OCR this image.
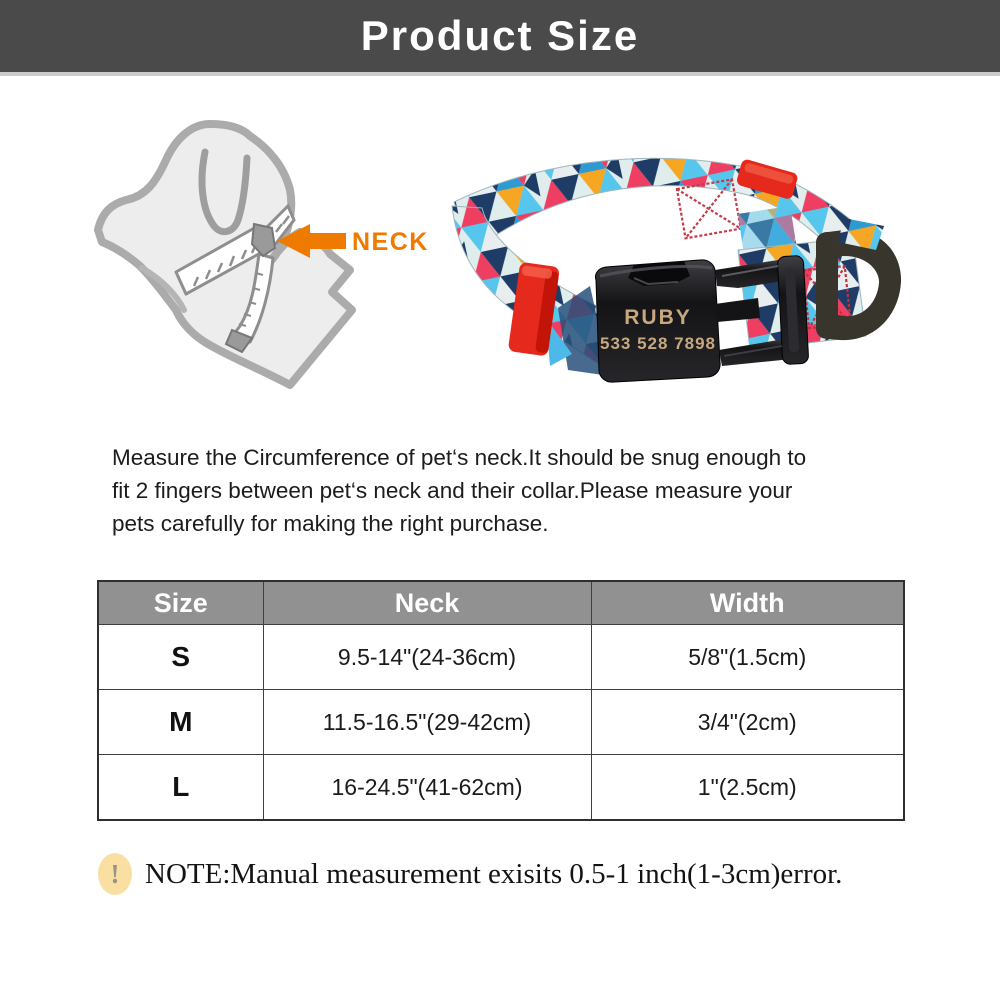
Product Size
NECK
RUBY
533 528 7898
Measure the Circumference of pet‘s neck.It should be snug enough to
fit 2 fingers between pet‘s neck and their collar.Please measure your
pets carefully for making the right purchase.
Size	Neck	Width
S	9.5-14"(24-36cm)	5/8"(1.5cm)
M	11.5-16.5"(29-42cm)	3/4"(2cm)
L	16-24.5"(41-62cm)	1"(2.5cm)
! NOTE:Manual measurement exisits 0.5-1 inch(1-3cm)error.
